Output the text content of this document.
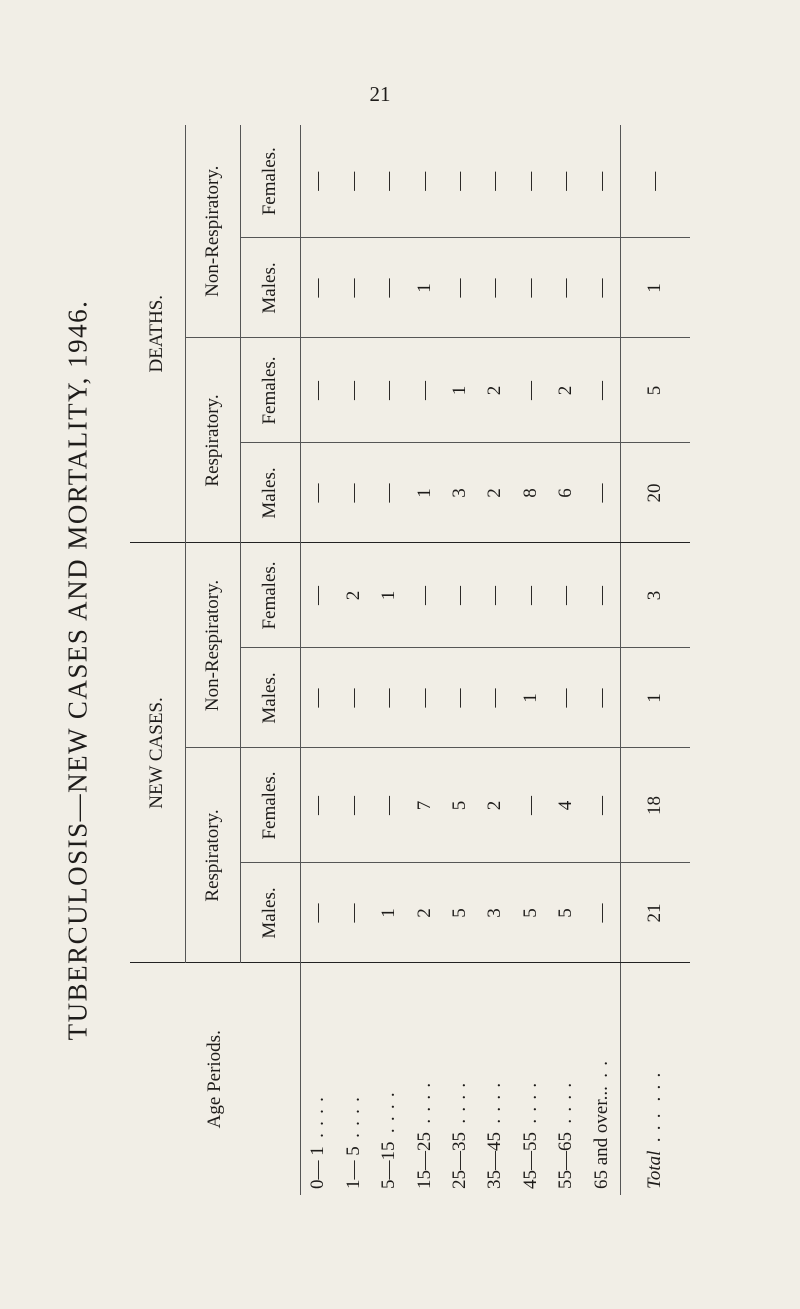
21
TUBERCULOSIS—NEW CASES AND MORTALITY, 1946.
Age Periods.	NEW CASES.				DEATHS.			
	Respiratory.		Non-Respiratory.		Respiratory.		Non-Respiratory.	
	Males.	Females.	Males.	Females.	Males.	Females.	Males.	Females.
0— 1 ....	—	—	—	—	—	—	—	—
1— 5 ....	—	—	—	2	—	—	—	—
5—15 ....	1	—	—	1	—	—	—	—
15—25 ....	2	7	—	—	1	—	1	—
25—35 ....	5	5	—	—	3	1	—	—
35—45 ....	3	2	—	—	2	2	—	—
45—55 ....	5	—	1	—	8	—	—	—
55—65 ....	5	4	—	—	6	2	—	—
65 and over... ..	—	—	—	—	—	—	—	—
Total ... ...	21	18	1	3	20	5	1	—
